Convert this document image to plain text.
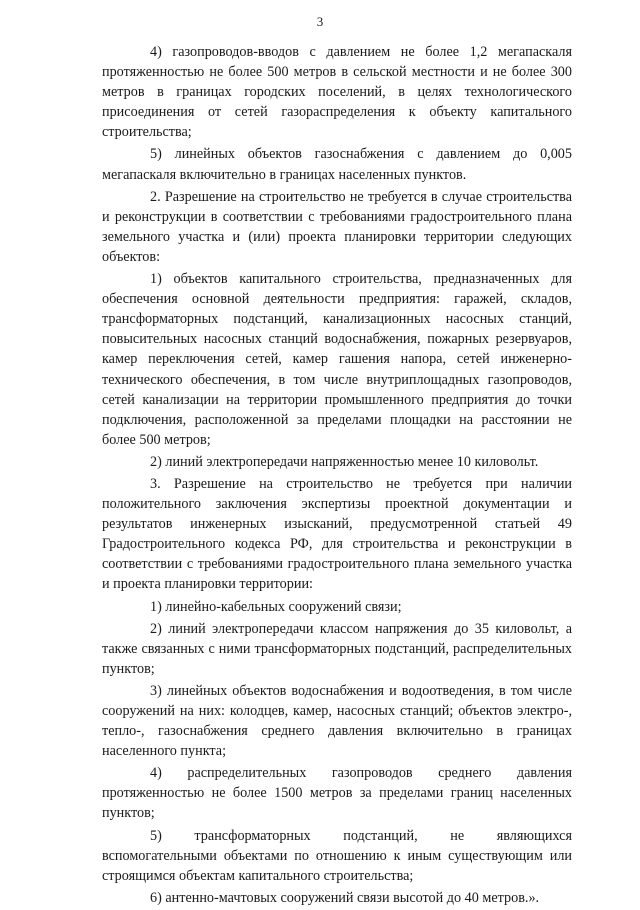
3

4) газопроводов-вводов с давлением не более 1,2 мегапаскаля протяженностью не более 500 метров в сельской местности и не более 300 метров в границах городских поселений, в целях технологического присоединения от сетей газораспределения к объекту капитального строительства;

5) линейных объектов газоснабжения с давлением до 0,005 мегапаскаля включительно в границах населенных пунктов.

2. Разрешение на строительство не требуется в случае строительства и реконструкции в соответствии с требованиями градостроительного плана земельного участка и (или) проекта планировки территории следующих объектов:

1) объектов капитального строительства, предназначенных для обеспечения основной деятельности предприятия: гаражей, складов, трансформаторных подстанций, канализационных насосных станций, повысительных насосных станций водоснабжения, пожарных резервуаров, камер переключения сетей, камер гашения напора, сетей инженерно-технического обеспечения, в том числе внутриплощадных газопроводов, сетей канализации на территории промышленного предприятия до точки подключения, расположенной за пределами площадки на расстоянии не более 500 метров;

2) линий электропередачи напряженностью менее 10 киловольт.

3. Разрешение на строительство не требуется при наличии положительного заключения экспертизы проектной документации и результатов инженерных изысканий, предусмотренной статьей 49 Градостроительного кодекса РФ, для строительства и реконструкции в соответствии с требованиями градостроительного плана земельного участка и проекта планировки территории:

1) линейно-кабельных сооружений связи;

2) линий электропередачи классом напряжения до 35 киловольт, а также связанных с ними трансформаторных подстанций, распределительных пунктов;

3) линейных объектов водоснабжения и водоотведения, в том числе сооружений на них: колодцев, камер, насосных станций; объектов электро-, тепло-, газоснабжения среднего давления включительно в границах населенного пункта;

4) распределительных газопроводов среднего давления протяженностью не более 1500 метров за пределами границ населенных пунктов;

5) трансформаторных подстанций, не являющихся вспомогательными объектами по отношению к иным существующим или строящимся объектам капитального строительства;

6) антенно-мачтовых сооружений связи высотой до 40 метров.».
